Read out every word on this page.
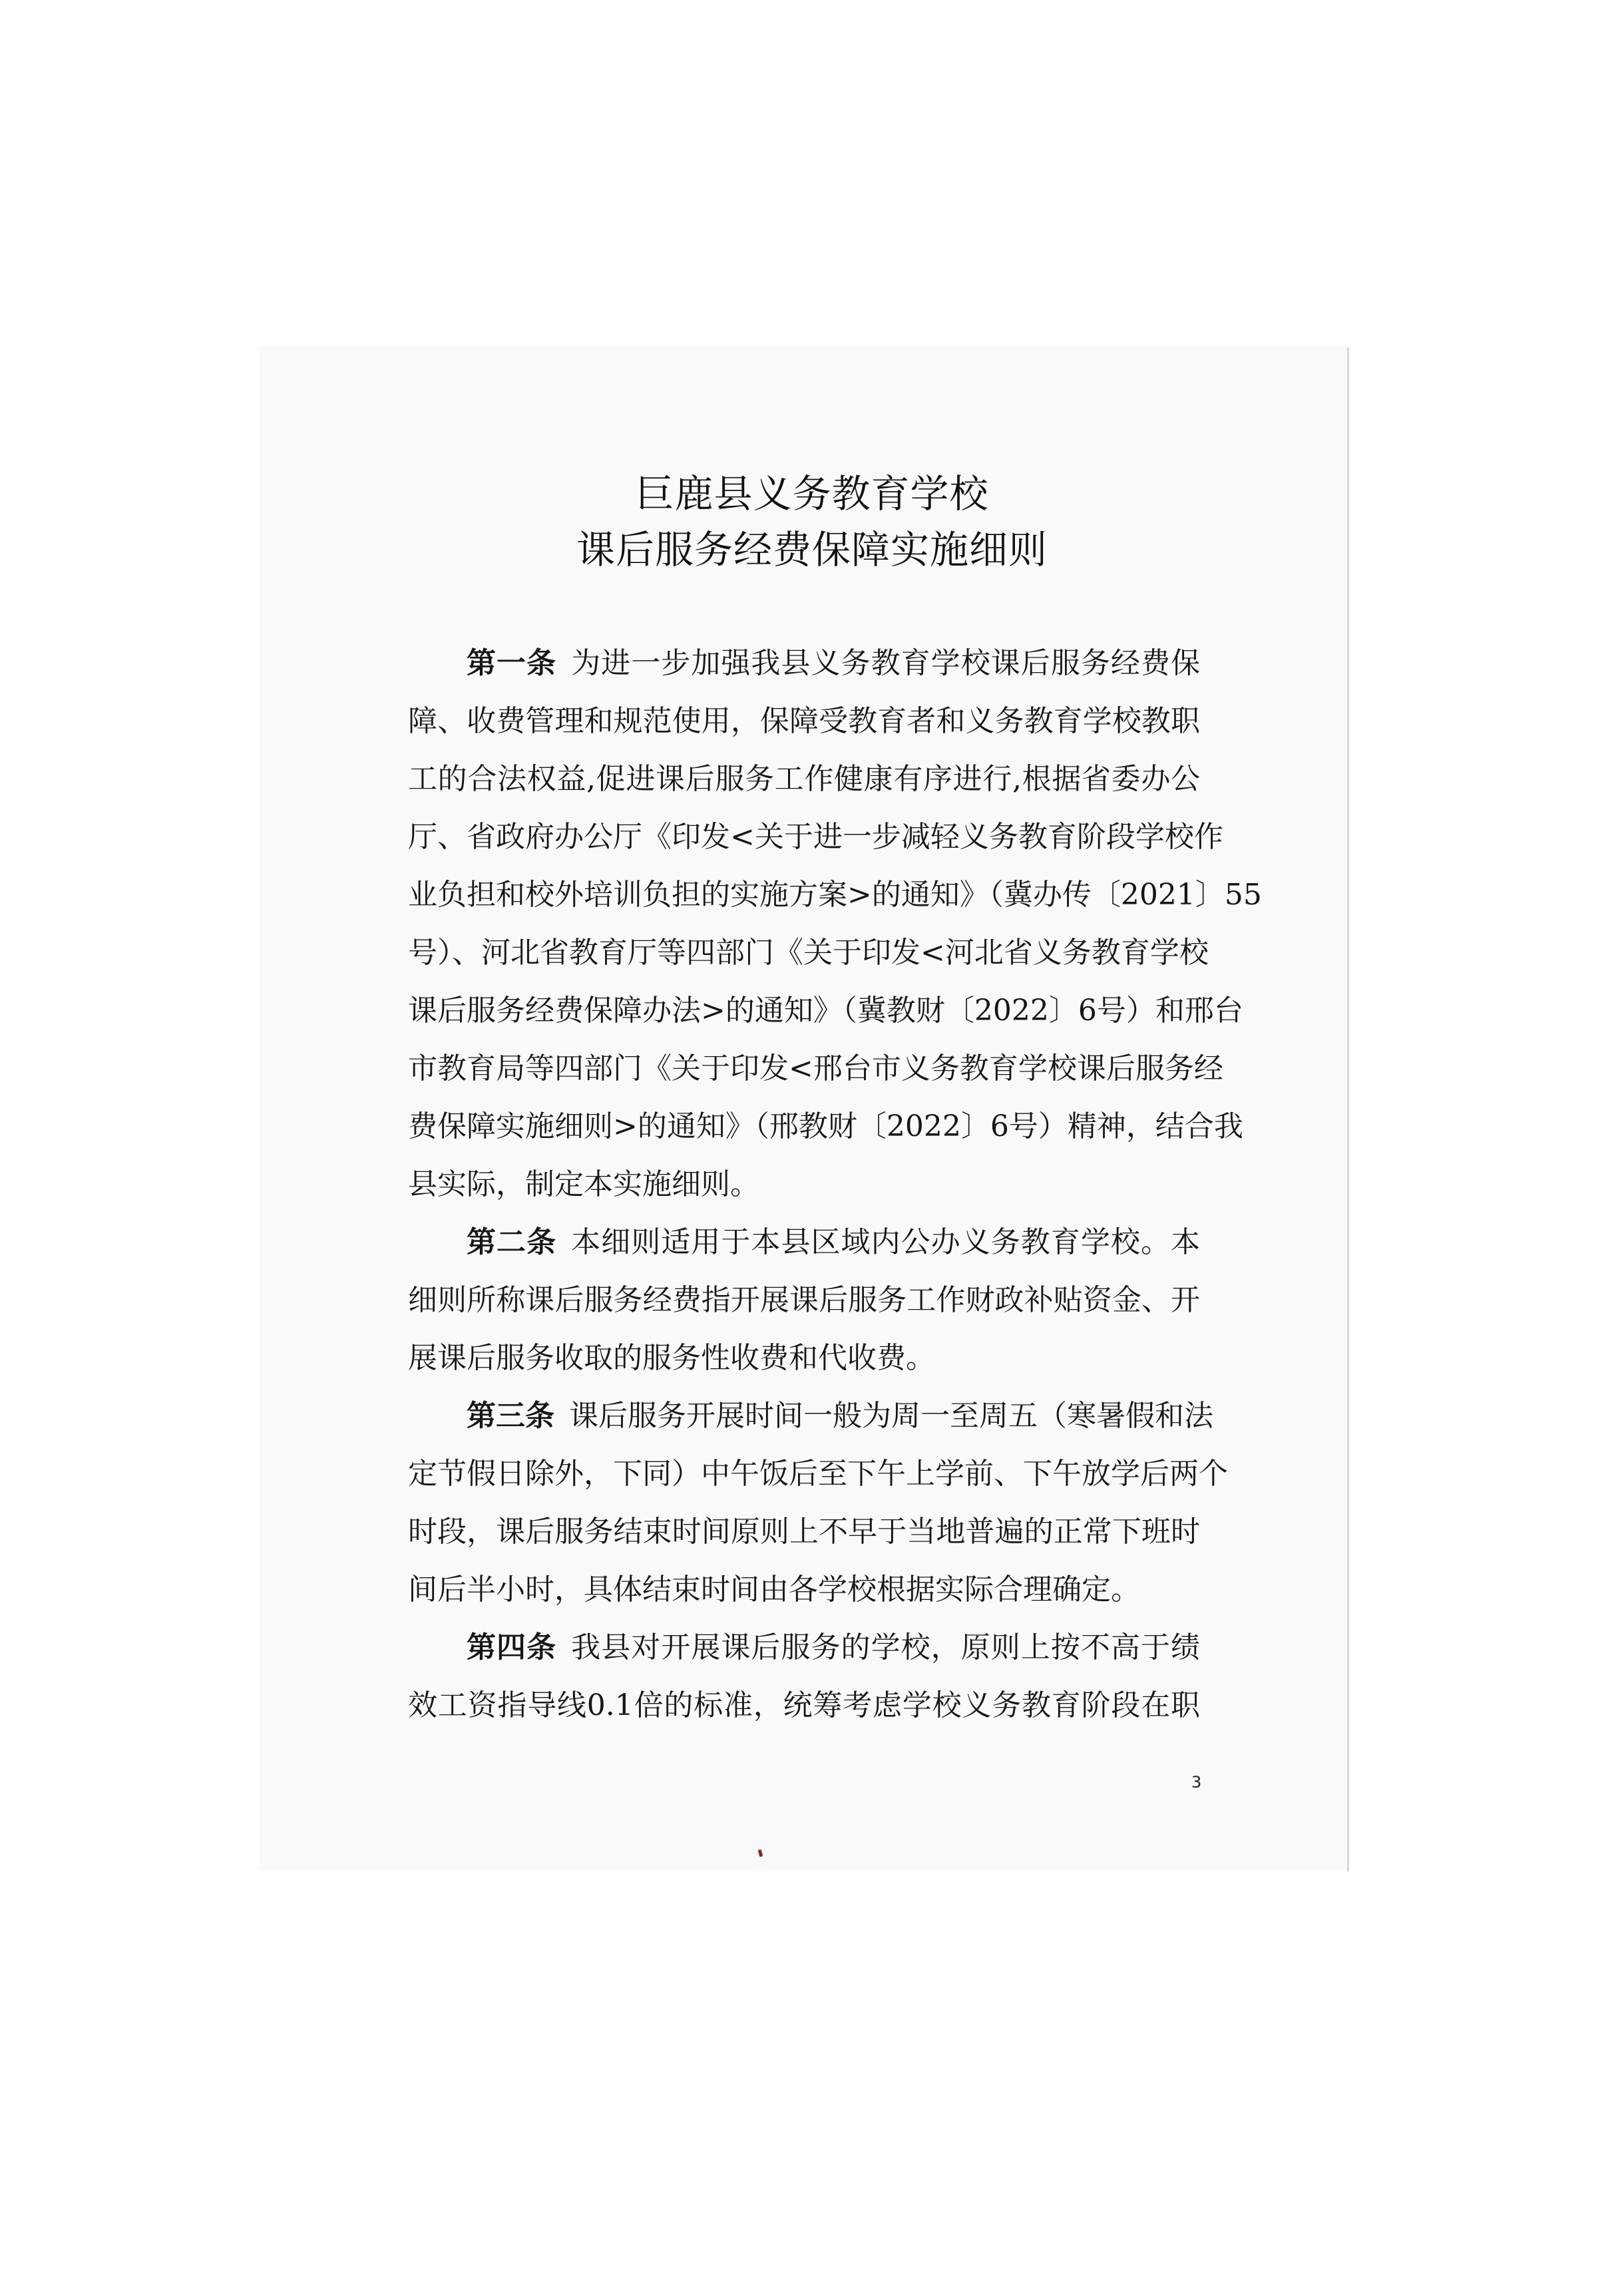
巨鹿县义务教育学校
课后服务经费保障实施细则
第一条 为进一步加强我县义务教育学校课后服务经费保
障、收费管理和规范使用，保障受教育者和义务教育学校教职
工的合法权益,促进课后服务工作健康有序进行,根据省委办公
厅、省政府办公厅《印发<关于进一步减轻义务教育阶段学校作
业负担和校外培训负担的实施方案>的通知》（冀办传〔2021〕55
号）、河北省教育厅等四部门《关于印发<河北省义务教育学校
课后服务经费保障办法>的通知》（冀教财〔2022〕6号）和邢台
市教育局等四部门《关于印发<邢台市义务教育学校课后服务经
费保障实施细则>的通知》（邢教财〔2022〕6号）精神，结合我
县实际，制定本实施细则。
第二条 本细则适用于本县区域内公办义务教育学校。本
细则所称课后服务经费指开展课后服务工作财政补贴资金、开
展课后服务收取的服务性收费和代收费。
第三条 课后服务开展时间一般为周一至周五（寒暑假和法
定节假日除外，下同）中午饭后至下午上学前、下午放学后两个
时段，课后服务结束时间原则上不早于当地普遍的正常下班时
间后半小时，具体结束时间由各学校根据实际合理确定。
第四条 我县对开展课后服务的学校，原则上按不高于绩
效工资指导线0.1倍的标准，统筹考虑学校义务教育阶段在职
3
